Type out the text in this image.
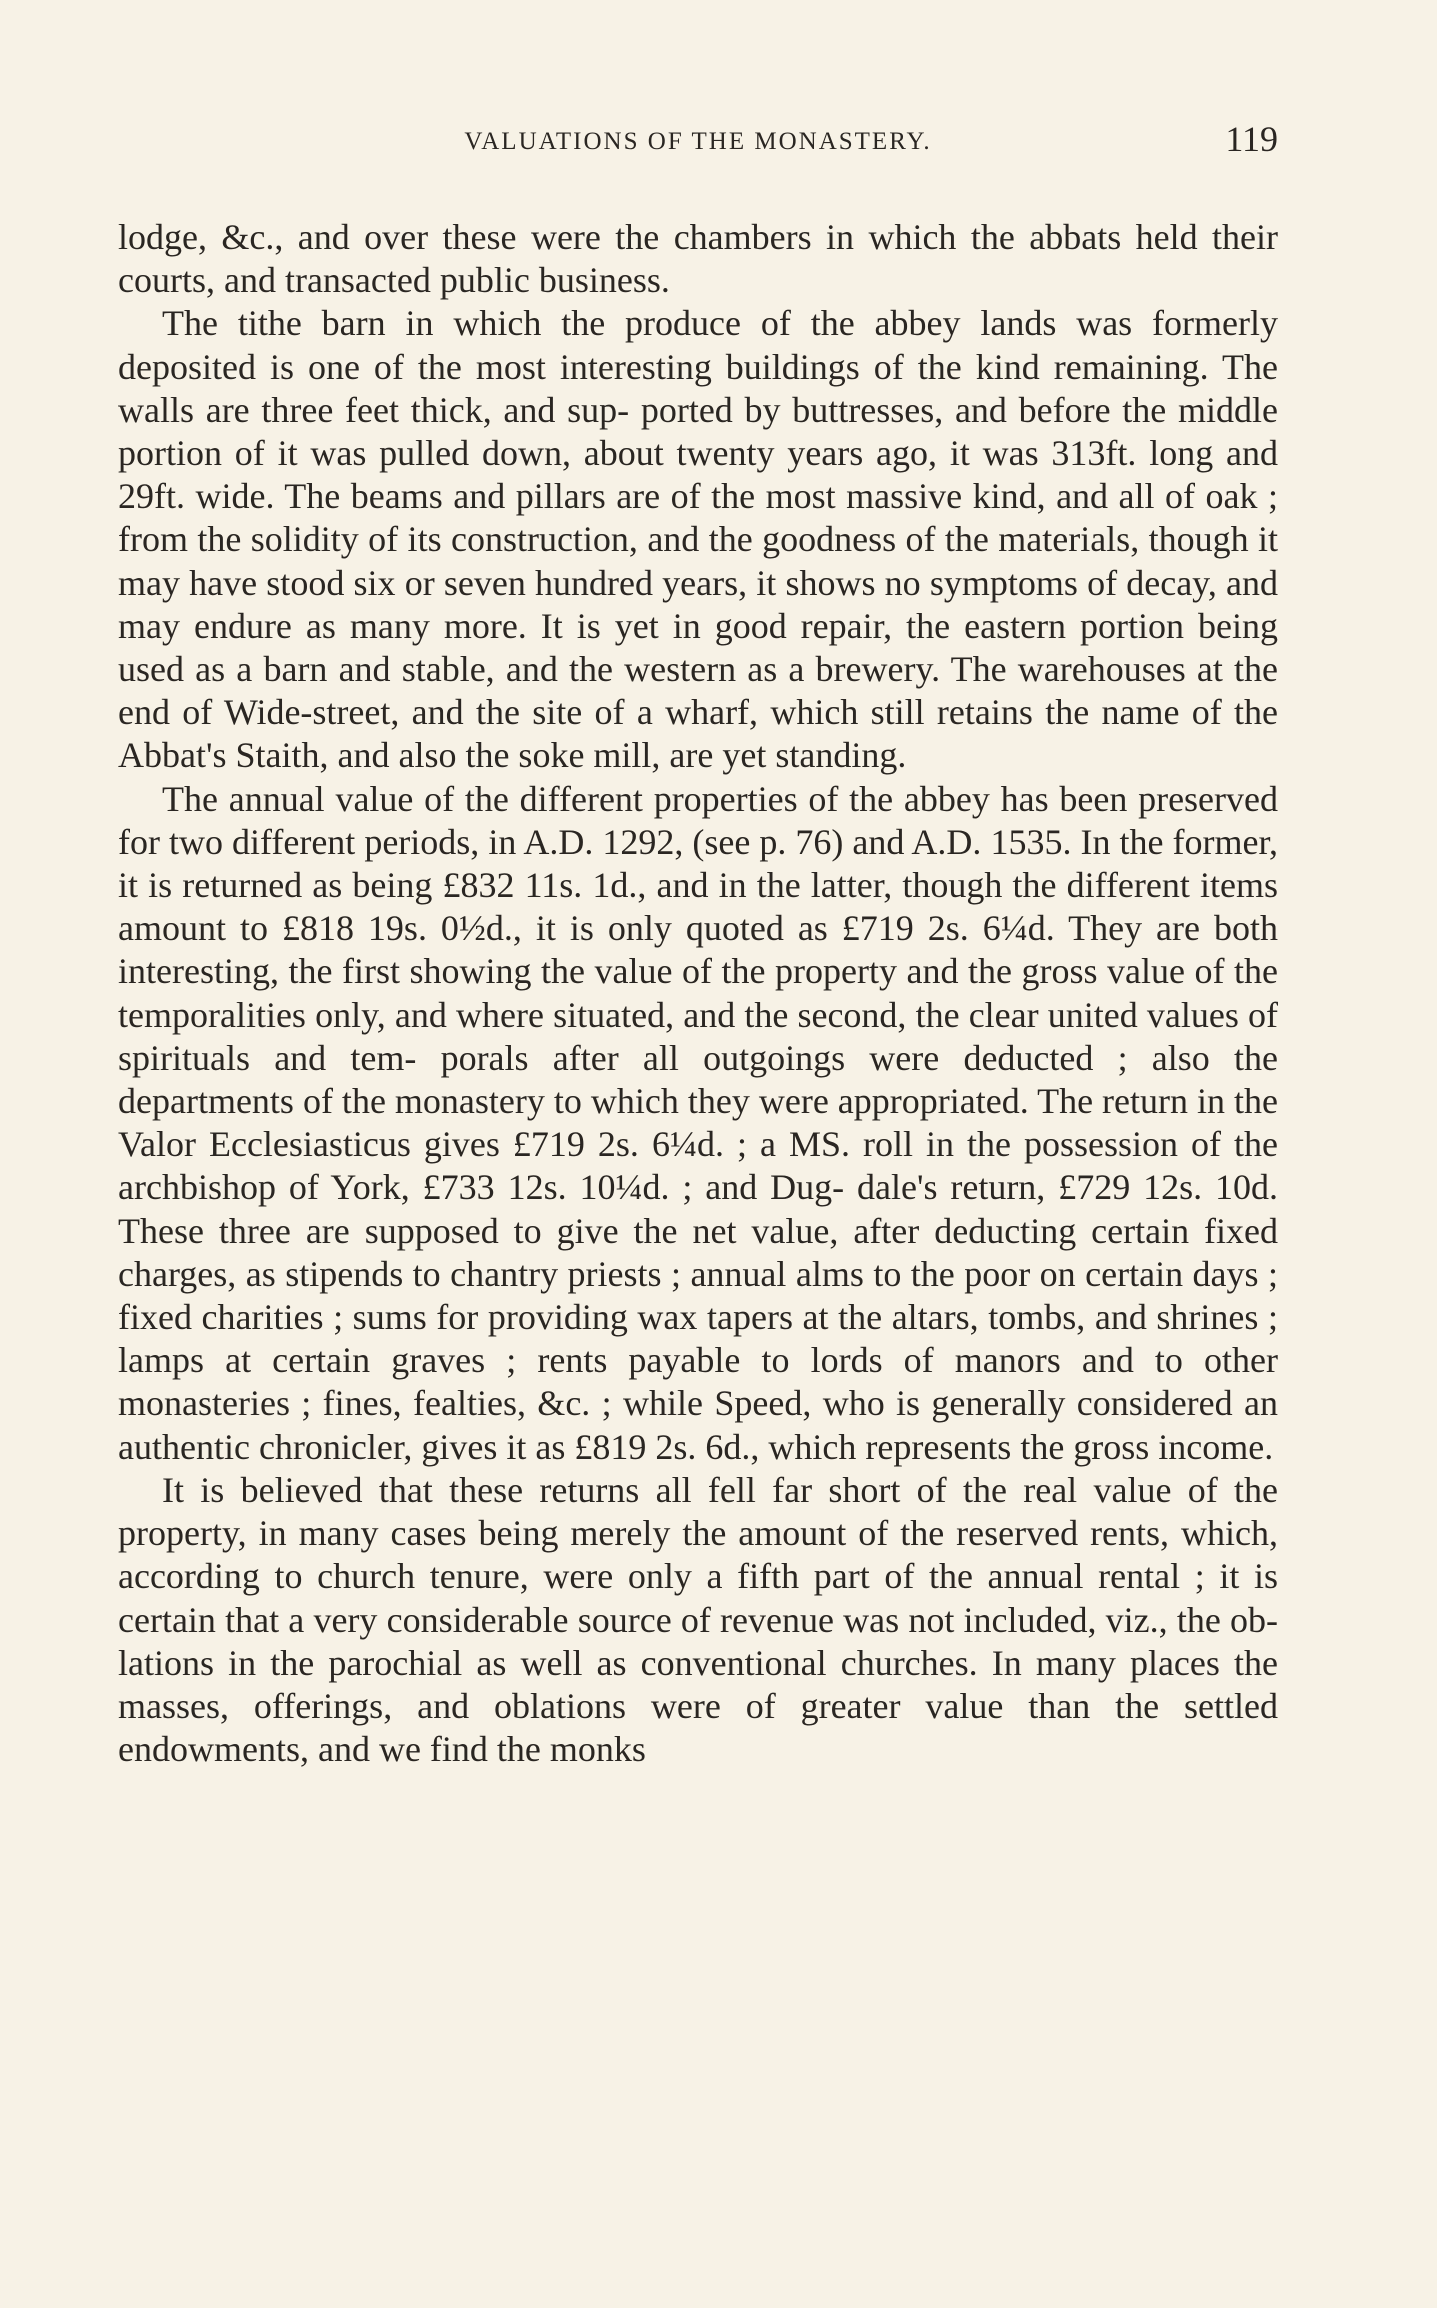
VALUATIONS OF THE MONASTERY.	119

lodge, &c., and over these were the chambers in which the abbats held their courts, and transacted public business.

The tithe barn in which the produce of the abbey lands was formerly deposited is one of the most interesting buildings of the kind remaining. The walls are three feet thick, and sup- ported by buttresses, and before the middle portion of it was pulled down, about twenty years ago, it was 313ft. long and 29ft. wide. The beams and pillars are of the most massive kind, and all of oak ; from the solidity of its construction, and the goodness of the materials, though it may have stood six or seven hundred years, it shows no symptoms of decay, and may endure as many more. It is yet in good repair, the eastern portion being used as a barn and stable, and the western as a brewery. The warehouses at the end of Wide-street, and the site of a wharf, which still retains the name of the Abbat's Staith, and also the soke mill, are yet standing.

The annual value of the different properties of the abbey has been preserved for two different periods, in A.D. 1292, (see p. 76) and A.D. 1535. In the former, it is returned as being £832 11s. 1d., and in the latter, though the different items amount to £818 19s. 0½d., it is only quoted as £719 2s. 6¼d. They are both interesting, the first showing the value of the property and the gross value of the temporalities only, and where situated, and the second, the clear united values of spirituals and tem- porals after all outgoings were deducted ; also the departments of the monastery to which they were appropriated. The return in the Valor Ecclesiasticus gives £719 2s. 6¼d. ; a MS. roll in the possession of the archbishop of York, £733 12s. 10¼d. ; and Dug- dale's return, £729 12s. 10d. These three are supposed to give the net value, after deducting certain fixed charges, as stipends to chantry priests ; annual alms to the poor on certain days ; fixed charities ; sums for providing wax tapers at the altars, tombs, and shrines ; lamps at certain graves ; rents payable to lords of manors and to other monasteries ; fines, fealties, &c. ; while Speed, who is generally considered an authentic chronicler, gives it as £819 2s. 6d., which represents the gross income.

It is believed that these returns all fell far short of the real value of the property, in many cases being merely the amount of the reserved rents, which, according to church tenure, were only a fifth part of the annual rental ; it is certain that a very considerable source of revenue was not included, viz., the ob- lations in the parochial as well as conventional churches. In many places the masses, offerings, and oblations were of greater value than the settled endowments, and we find the monks
